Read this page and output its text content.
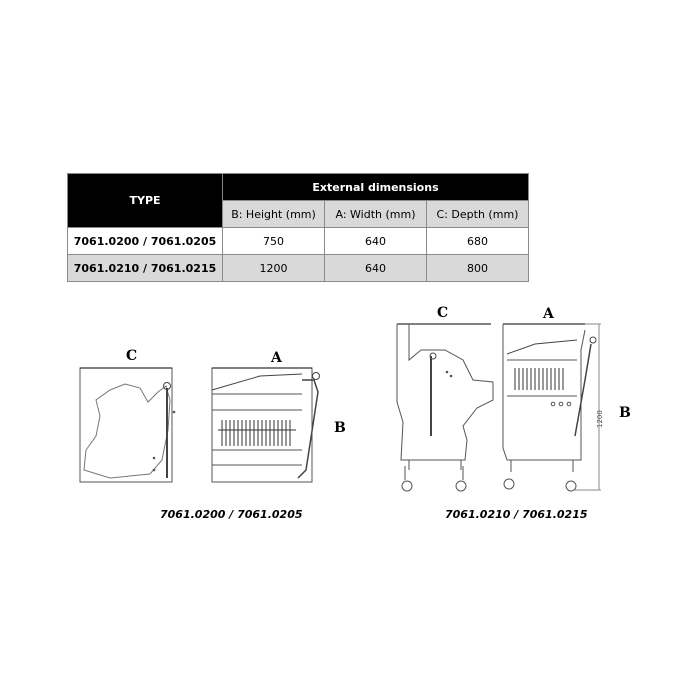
TYPE	External dimensions		
	B: Height (mm)	A: Width (mm)	C: Depth (mm)
7061.0200 / 7061.0205	750	640	680
7061.0210 / 7061.0215	1200	640	800
C	A
B
7061.0200 / 7061.0205
C	A
B
1200
7061.0210 / 7061.0215
